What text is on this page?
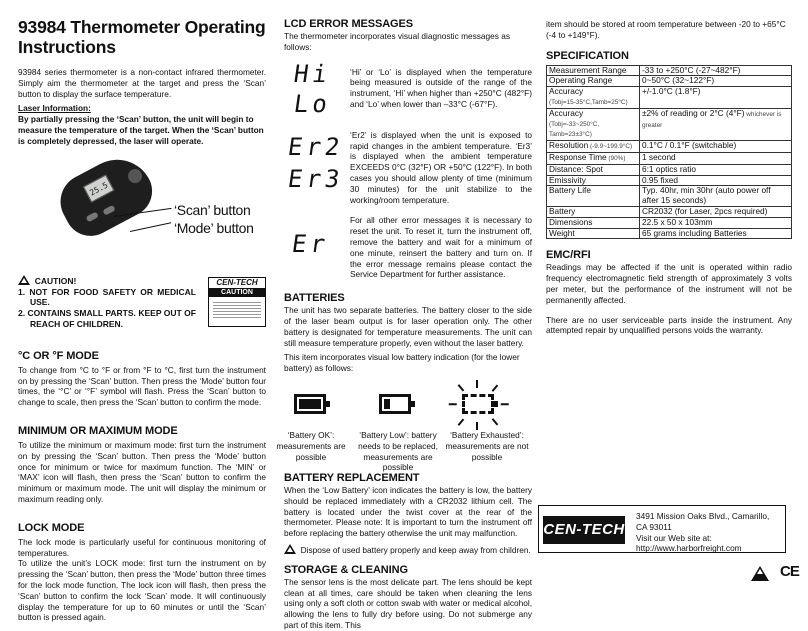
93984 Thermometer Operating Instructions

93984 series thermometer is a non-contact infrared thermometer. Simply aim the thermometer at the target and press the ‘Scan’ button to display the surface temperature.

Laser Information:

By partially pressing the ‘Scan’ button, the unit will begin to measure the temperature of the target. When the ‘Scan’ button is completely depressed, the laser will operate.

25.5
‘Scan’ button
‘Mode’ button
CAUTION!
1. NOT FOR FOOD SAFETY OR MEDICAL USE.
2. CONTAINS SMALL PARTS. KEEP OUT OF REACH OF CHILDREN.
CEN-TECH
CAUTION
°C OR °F MODE

To change from °C to °F or from °F to °C, first turn the instrument on by pressing the ‘Scan’ button. Then press the ‘Mode’ button four times, the ‘°C’ or ‘°F’ symbol will flash. Press the ‘Scan’ button to change to scale, then press the ‘Scan’ button to confirm the mode.

MINIMUM OR MAXIMUM MODE

To utilize the minimum or maximum mode: first turn the instrument on by pressing the ‘Scan’ button. Then press the ‘Mode’ button once for minimum or twice for maximum function. The ‘MIN’ or ‘MAX’ icon will flash, then press the ‘Scan’ button to confirm the minimum or maximum mode. The unit will display the minimum or maximum reading only.

LOCK MODE

The lock mode is particularly useful for continuous monitoring of temperatures.

To utilize the unit’s LOCK mode: first turn the instrument on by pressing the ‘Scan’ button, then press the ‘Mode’ button three times for the lock mode function. The lock icon will flash, then press the ‘Scan’ button to confirm the lock ‘Scan’ mode. It will continuously display the temperature for up to 60 minutes or until the ‘Scan’ button is pressed again.

LCD ERROR MESSAGES

The thermometer incorporates visual diagnostic messages as follows:

Hi
Lo

‘Hi’ or ‘Lo’ is displayed when the temperature being measured is outside of the range of the instrument, ‘Hi’ when higher than +250°C (482°F) and ‘Lo’ when lower than –33°C (-67°F).

Er2
Er3

‘Er2’ is displayed when the unit is exposed to rapid changes in the ambient temperature. ‘Er3’ is displayed when the ambient temperature EXCEEDS 0°C (32°F) OR +50°C (122°F). In both cases you should allow plenty of time (minimum 30 minutes) for the unit stabilize to the working/room temperature.

Er

For all other error messages it is necessary to reset the unit. To reset it, turn the instrument off, remove the battery and wait for a minimum of one minute, reinsert the battery and turn on. If the error message remains please contact the Service Department for further assistance.

BATTERIES

The unit has two separate batteries. The battery closer to the side of the laser beam output is for laser operation only. The other battery is designated for temperature measurements. The unit can still measure temperature properly, even without the laser battery.

This item incorporates visual low battery indication (for the lower battery) as follows:

‘Battery OK’: measurements are possible
‘Battery Low’: battery needs to be replaced, measurements are possible
‘Battery Exhausted’: measurements are not possible
BATTERY REPLACEMENT

When the ‘Low Battery’ icon indicates the battery is low, the battery should be replaced immediately with a CR2032 lithium cell. The battery is located under the twist cover at the rear of the thermometer. Please note: It is important to turn the instrument off before replacing the battery otherwise the unit may malfunction.

Dispose of used battery properly and keep away from children.

STORAGE & CLEANING

The sensor lens is the most delicate part. The lens should be kept clean at all times, care should be taken when cleaning the lens using only a soft cloth or cotton swab with water or medical alcohol, allowing the lens to fully dry before using. Do not submerge any part of this item. This

item should be stored at room temperature between -20 to +65°C (-4 to +149°F).

SPECIFICATION
Measurement Range	-33 to +250°C (-27~482°F)
Operating Range	0~50°C (32~122°F)
Accuracy
(Tobj=15-35°C,Tamb=25°C)	+/-1.0°C (1.8°F)
Accuracy
(Tobj=-33~250°C, Tamb=23±3°C)	±2% of reading or 2°C (4°F) whichever is greater
Resolution (-9.9~199.9°C)	0.1°C / 0.1°F (switchable)
Response Time (90%)	1 second
Distance: Spot	6:1 optics ratio
Emissivity	0.95 fixed
Battery Life	Typ. 40hr, min 30hr (auto power off after 15 seconds)
Battery	CR2032 (for Laser, 2pcs required)
Dimensions	22.5 x 50 x 103mm
Weight	65 grams including Batteries
EMC/RFI

Readings may be affected if the unit is operated within radio frequency electromagnetic field strength of approximately 3 volts per meter, but the performance of the instrument will not be permanently affected.

There are no user serviceable parts inside the instrument. Any attempted repair by unqualified persons voids the warranty.

CEN-TECH
3491 Mission Oaks Blvd., Camarillo, CA 93011
Visit our Web site at:
http://www.harborfreight.com
CE
